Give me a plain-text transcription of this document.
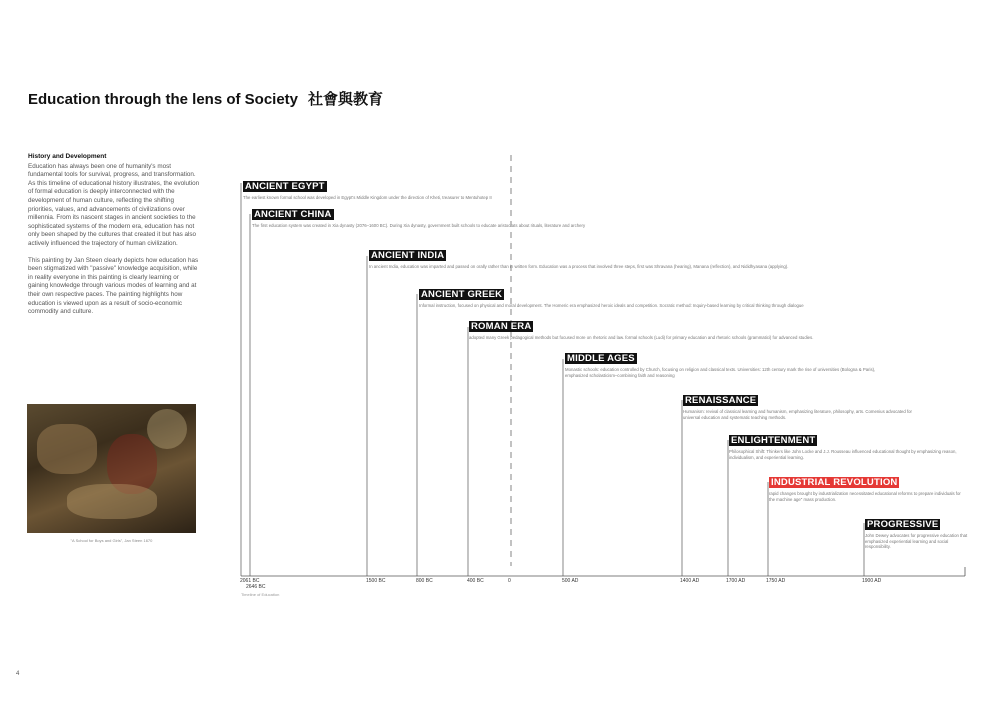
Education through the lens of Society 社會與教育
History and Development

Education has always been one of humanity's most fundamental tools for survival, progress, and transformation. As this timeline of educational history illustrates, the evolution of formal education is deeply interconnected with the development of human culture, reflecting the shifting priorities, values, and advancements of civilizations over millennia. From its nascent stages in ancient societies to the sophisticated systems of the modern era, education has not only been shaped by the cultures that created it but has also actively influenced the trajectory of human civilization.

This painting by Jan Steen clearly depicts how education has been stigmatized with "passive" knowledge acquisition, while in reality everyone in this painting is clearly learning or gaining knowledge through various modes of learning and at their own respective paces. The painting highlights how education is viewed upon as a result of socio-economic commodity and culture.

"A School for Boys and Girls", Jan Steen 1670
ANCIENT EGYPT
The earliest known formal school was developed in Egypt's Middle Kingdom under the direction of Kheti, treasurer to Mentuhotep II
ANCIENT CHINA
The first education system was created in Xia dynasty (2076–1600 BC). During Xia dynasty, government built schools to educate aristocrats about rituals, literature and archery
ANCIENT INDIA
In ancient India, education was imparted and passed on orally rather than in written form. Education was a process that involved three steps, first was Shravana (hearing), Manana (reflection), and Nididhyasana (applying).
ANCIENT GREEK
Informal instruction, focused on physical and moral development. The Homeric era emphasized heroic ideals and competition. Socratic method: Inquiry-based learning by critical thinking through dialogue
ROMAN ERA
adopted many Greek pedagogical methods but focused more on rhetoric and law. formal schools (Ludi) for primary education and rhetoric schools (grammatici) for advanced studies.
MIDDLE AGES
Monastic schools: education controlled by Church, focusing on religion and classical texts. Universities: 12th century mark the rise of universities (Bologna & Paris), emphasized scholasticism–combining faith and reasoning
RENAISSANCE
Humanism: revival of classical learning and humanism, emphasizing literature, philosophy, arts. Comenius advocated for universal education and systematic teaching methods.
ENLIGHTENMENT
Philosophical Shift: Thinkers like John Locke and J.J. Rousseau influenced educational thought by emphasizing reason, individualism, and experiential learning.
INDUSTRIAL REVOLUTION
rapid changes brought by industrialization necessitated educational reforms to prepare individuals for the machine age" mass production.
PROGRESSIVE
John Dewey advocates for progressive education that emphasized experiential learning and social responsibility.
2061 BC	1500 BC	800 BC	400 BC	0	500 AD	1400 AD	1700 AD	1750 AD	1900 AD
2646 BC
Timeline of Education
4
